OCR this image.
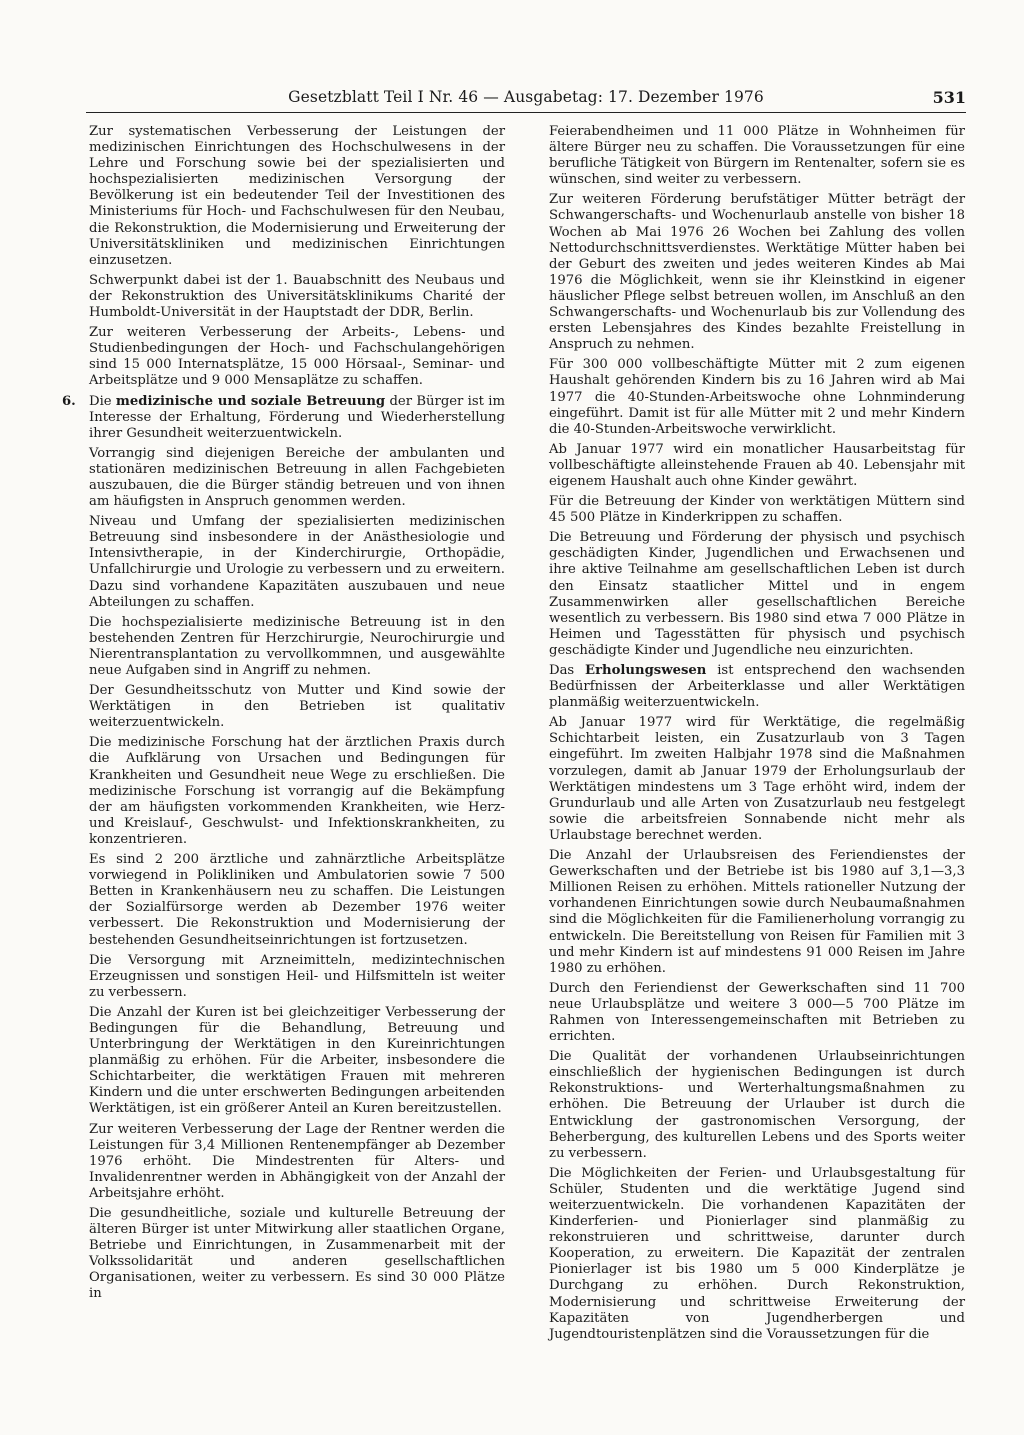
Gesetzblatt Teil I Nr. 46 — Ausgabetag: 17. Dezember 1976	531

Zur systematischen Verbesserung der Leistungen der medizinischen Einrichtungen des Hochschulwesens in der Lehre und Forschung sowie bei der spezialisierten und hochspezialisierten medizinischen Versorgung der Bevölkerung ist ein bedeutender Teil der Investitionen des Ministeriums für Hoch- und Fachschulwesen für den Neubau, die Rekonstruktion, die Modernisierung und Erweiterung der Universitätskliniken und medizinischen Einrichtungen einzusetzen.

Schwerpunkt dabei ist der 1. Bauabschnitt des Neubaus und der Rekonstruktion des Universitätsklinikums Charité der Humboldt-Universität in der Hauptstadt der DDR, Berlin.

Zur weiteren Verbesserung der Arbeits-, Lebens- und Studienbedingungen der Hoch- und Fachschulangehörigen sind 15 000 Internatsplätze, 15 000 Hörsaal-, Seminar- und Arbeitsplätze und 9 000 Mensaplätze zu schaffen.

6. Die medizinische und soziale Betreuung der Bürger ist im Interesse der Erhaltung, Förderung und Wiederherstellung ihrer Gesundheit weiterzuentwickeln.

Vorrangig sind diejenigen Bereiche der ambulanten und stationären medizinischen Betreuung in allen Fachgebieten auszubauen, die die Bürger ständig betreuen und von ihnen am häufigsten in Anspruch genommen werden.

Niveau und Umfang der spezialisierten medizinischen Betreuung sind insbesondere in der Anästhesiologie und Intensivtherapie, in der Kinderchirurgie, Orthopädie, Unfallchirurgie und Urologie zu verbessern und zu erweitern. Dazu sind vorhandene Kapazitäten auszubauen und neue Abteilungen zu schaffen.

Die hochspezialisierte medizinische Betreuung ist in den bestehenden Zentren für Herzchirurgie, Neurochirurgie und Nierentransplantation zu vervollkommnen, und ausgewählte neue Aufgaben sind in Angriff zu nehmen.

Der Gesundheitsschutz von Mutter und Kind sowie der Werktätigen in den Betrieben ist qualitativ weiterzuentwickeln.

Die medizinische Forschung hat der ärztlichen Praxis durch die Aufklärung von Ursachen und Bedingungen für Krankheiten und Gesundheit neue Wege zu erschließen. Die medizinische Forschung ist vorrangig auf die Bekämpfung der am häufigsten vorkommenden Krankheiten, wie Herz- und Kreislauf-, Geschwulst- und Infektionskrankheiten, zu konzentrieren.

Es sind 2 200 ärztliche und zahnärztliche Arbeitsplätze vorwiegend in Polikliniken und Ambulatorien sowie 7 500 Betten in Krankenhäusern neu zu schaffen. Die Leistungen der Sozialfürsorge werden ab Dezember 1976 weiter verbessert. Die Rekonstruktion und Modernisierung der bestehenden Gesundheitseinrichtungen ist fortzusetzen.

Die Versorgung mit Arzneimitteln, medizintechnischen Erzeugnissen und sonstigen Heil- und Hilfsmitteln ist weiter zu verbessern.

Die Anzahl der Kuren ist bei gleichzeitiger Verbesserung der Bedingungen für die Behandlung, Betreuung und Unterbringung der Werktätigen in den Kureinrichtungen planmäßig zu erhöhen. Für die Arbeiter, insbesondere die Schichtarbeiter, die werktätigen Frauen mit mehreren Kindern und die unter erschwerten Bedingungen arbeitenden Werktätigen, ist ein größerer Anteil an Kuren bereitzustellen.

Zur weiteren Verbesserung der Lage der Rentner werden die Leistungen für 3,4 Millionen Rentenempfänger ab Dezember 1976 erhöht. Die Mindestrenten für Alters- und Invalidenrentner werden in Abhängigkeit von der Anzahl der Arbeitsjahre erhöht.

Die gesundheitliche, soziale und kulturelle Betreuung der älteren Bürger ist unter Mitwirkung aller staatlichen Organe, Betriebe und Einrichtungen, in Zusammenarbeit mit der Volkssolidarität und anderen gesellschaftlichen Organisationen, weiter zu verbessern. Es sind 30 000 Plätze in

Feierabendheimen und 11 000 Plätze in Wohnheimen für ältere Bürger neu zu schaffen. Die Voraussetzungen für eine berufliche Tätigkeit von Bürgern im Rentenalter, sofern sie es wünschen, sind weiter zu verbessern.

Zur weiteren Förderung berufstätiger Mütter beträgt der Schwangerschafts- und Wochenurlaub anstelle von bisher 18 Wochen ab Mai 1976 26 Wochen bei Zahlung des vollen Nettodurchschnittsverdienstes. Werktätige Mütter haben bei der Geburt des zweiten und jedes weiteren Kindes ab Mai 1976 die Möglichkeit, wenn sie ihr Kleinstkind in eigener häuslicher Pflege selbst betreuen wollen, im Anschluß an den Schwangerschafts- und Wochenurlaub bis zur Vollendung des ersten Lebensjahres des Kindes bezahlte Freistellung in Anspruch zu nehmen.

Für 300 000 vollbeschäftigte Mütter mit 2 zum eigenen Haushalt gehörenden Kindern bis zu 16 Jahren wird ab Mai 1977 die 40-Stunden-Arbeitswoche ohne Lohnminderung eingeführt. Damit ist für alle Mütter mit 2 und mehr Kindern die 40-Stunden-Arbeitswoche verwirklicht.

Ab Januar 1977 wird ein monatlicher Hausarbeitstag für vollbeschäftigte alleinstehende Frauen ab 40. Lebensjahr mit eigenem Haushalt auch ohne Kinder gewährt.

Für die Betreuung der Kinder von werktätigen Müttern sind 45 500 Plätze in Kinderkrippen zu schaffen.

Die Betreuung und Förderung der physisch und psychisch geschädigten Kinder, Jugendlichen und Erwachsenen und ihre aktive Teilnahme am gesellschaftlichen Leben ist durch den Einsatz staatlicher Mittel und in engem Zusammenwirken aller gesellschaftlichen Bereiche wesentlich zu verbessern. Bis 1980 sind etwa 7 000 Plätze in Heimen und Tagesstätten für physisch und psychisch geschädigte Kinder und Jugendliche neu einzurichten.

Das Erholungswesen ist entsprechend den wachsenden Bedürfnissen der Arbeiterklasse und aller Werktätigen planmäßig weiterzuentwickeln.

Ab Januar 1977 wird für Werktätige, die regelmäßig Schichtarbeit leisten, ein Zusatzurlaub von 3 Tagen eingeführt. Im zweiten Halbjahr 1978 sind die Maßnahmen vorzulegen, damit ab Januar 1979 der Erholungsurlaub der Werktätigen mindestens um 3 Tage erhöht wird, indem der Grundurlaub und alle Arten von Zusatzurlaub neu festgelegt sowie die arbeitsfreien Sonnabende nicht mehr als Urlaubstage berechnet werden.

Die Anzahl der Urlaubsreisen des Feriendienstes der Gewerkschaften und der Betriebe ist bis 1980 auf 3,1—3,3 Millionen Reisen zu erhöhen. Mittels rationeller Nutzung der vorhandenen Einrichtungen sowie durch Neubaumaßnahmen sind die Möglichkeiten für die Familienerholung vorrangig zu entwickeln. Die Bereitstellung von Reisen für Familien mit 3 und mehr Kindern ist auf mindestens 91 000 Reisen im Jahre 1980 zu erhöhen.

Durch den Feriendienst der Gewerkschaften sind 11 700 neue Urlaubsplätze und weitere 3 000—5 700 Plätze im Rahmen von Interessengemeinschaften mit Betrieben zu errichten.

Die Qualität der vorhandenen Urlaubseinrichtungen einschließlich der hygienischen Bedingungen ist durch Rekonstruktions- und Werterhaltungsmaßnahmen zu erhöhen. Die Betreuung der Urlauber ist durch die Entwicklung der gastronomischen Versorgung, der Beherbergung, des kulturellen Lebens und des Sports weiter zu verbessern.

Die Möglichkeiten der Ferien- und Urlaubsgestaltung für Schüler, Studenten und die werktätige Jugend sind weiterzuentwickeln. Die vorhandenen Kapazitäten der Kinderferien- und Pionierlager sind planmäßig zu rekonstruieren und schrittweise, darunter durch Kooperation, zu erweitern. Die Kapazität der zentralen Pionierlager ist bis 1980 um 5 000 Kinderplätze je Durchgang zu erhöhen. Durch Rekonstruktion, Modernisierung und schrittweise Erweiterung der Kapazitäten von Jugendherbergen und Jugendtouristenplätzen sind die Voraussetzungen für die
